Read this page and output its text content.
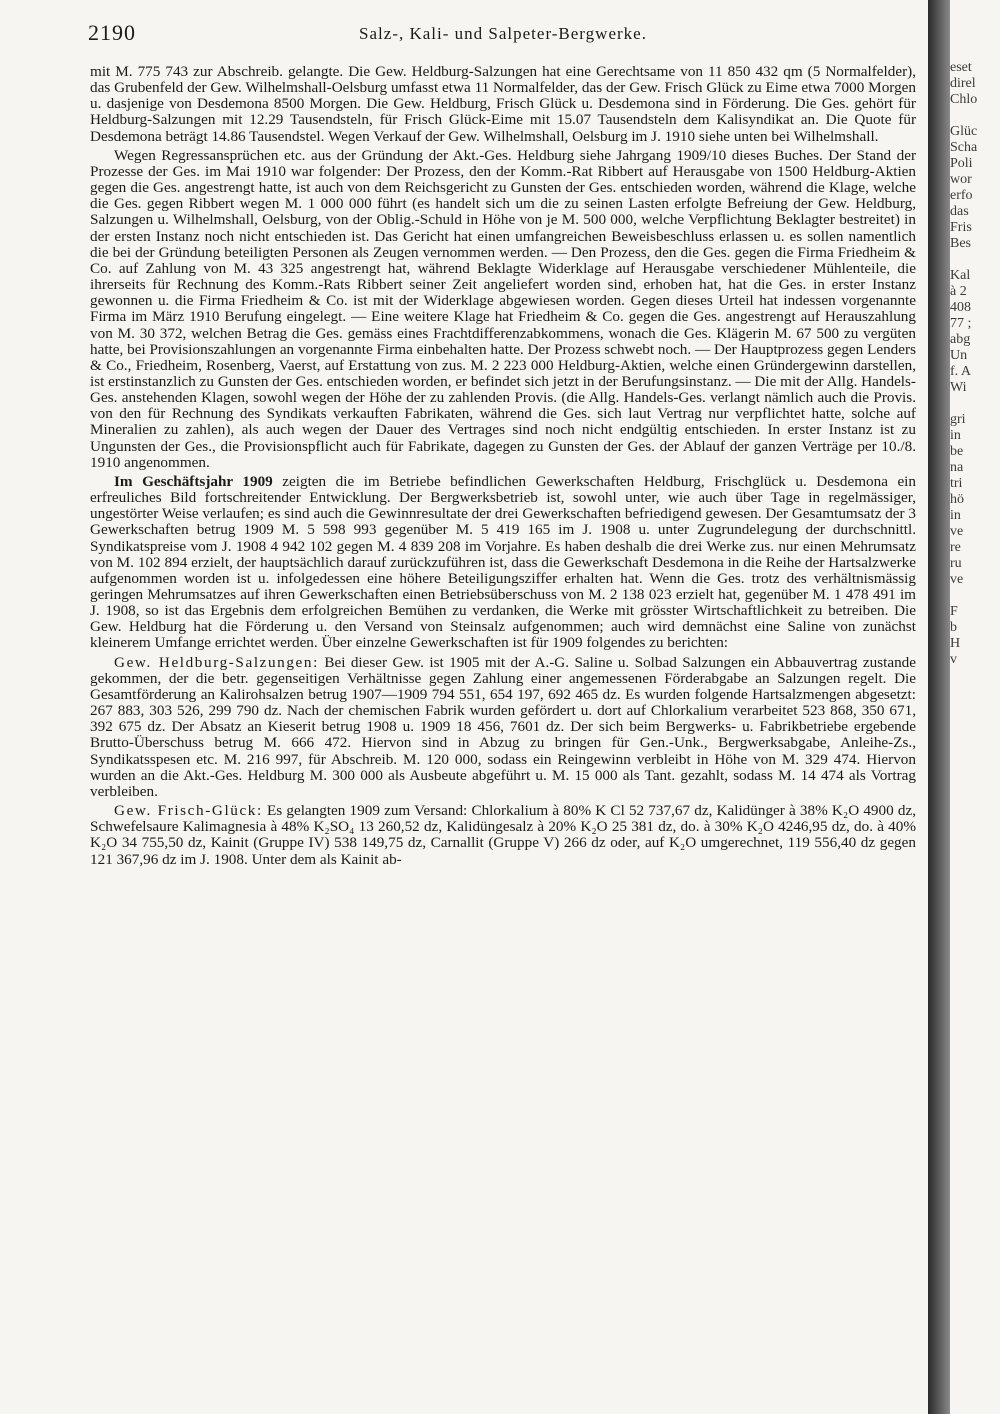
2190	Salz-, Kali- und Salpeter-Bergwerke.

mit M. 775 743 zur Abschreib. gelangte. Die Gew. Heldburg-Salzungen hat eine Gerechtsame von 11 850 432 qm (5 Normalfelder), das Grubenfeld der Gew. Wilhelmshall-Oelsburg umfasst etwa 11 Normalfelder, das der Gew. Frisch Glück zu Eime etwa 7000 Morgen u. dasjenige von Desdemona 8500 Morgen. Die Gew. Heldburg, Frisch Glück u. Desdemona sind in Förderung. Die Ges. gehört für Heldburg-Salzungen mit 12.29 Tausendsteln, für Frisch Glück-Eime mit 15.07 Tausendsteln dem Kalisyndikat an. Die Quote für Desdemona beträgt 14.86 Tausendstel. Wegen Verkauf der Gew. Wilhelmshall, Oelsburg im J. 1910 siehe unten bei Wilhelmshall.

Wegen Regressansprüchen etc. aus der Gründung der Akt.-Ges. Heldburg siehe Jahrgang 1909/10 dieses Buches. Der Stand der Prozesse der Ges. im Mai 1910 war folgender: Der Prozess, den der Komm.-Rat Ribbert auf Herausgabe von 1500 Heldburg-Aktien gegen die Ges. angestrengt hatte, ist auch von dem Reichsgericht zu Gunsten der Ges. entschieden worden, während die Klage, welche die Ges. gegen Ribbert wegen M. 1 000 000 führt (es handelt sich um die zu seinen Lasten erfolgte Befreiung der Gew. Heldburg, Salzungen u. Wilhelmshall, Oelsburg, von der Oblig.-Schuld in Höhe von je M. 500 000, welche Verpflichtung Beklagter bestreitet) in der ersten Instanz noch nicht entschieden ist. Das Gericht hat einen umfangreichen Beweisbeschluss erlassen u. es sollen namentlich die bei der Gründung beteiligten Personen als Zeugen vernommen werden. — Den Prozess, den die Ges. gegen die Firma Friedheim & Co. auf Zahlung von M. 43 325 angestrengt hat, während Beklagte Widerklage auf Herausgabe verschiedener Mühlenteile, die ihrerseits für Rechnung des Komm.-Rats Ribbert seiner Zeit angeliefert worden sind, erhoben hat, hat die Ges. in erster Instanz gewonnen u. die Firma Friedheim & Co. ist mit der Widerklage abgewiesen worden. Gegen dieses Urteil hat indessen vorgenannte Firma im März 1910 Berufung eingelegt. — Eine weitere Klage hat Friedheim & Co. gegen die Ges. angestrengt auf Herauszahlung von M. 30 372, welchen Betrag die Ges. gemäss eines Frachtdifferenzabkommens, wonach die Ges. Klägerin M. 67 500 zu vergüten hatte, bei Provisionszahlungen an vorgenannte Firma einbehalten hatte. Der Prozess schwebt noch. — Der Hauptprozess gegen Lenders & Co., Friedheim, Rosenberg, Vaerst, auf Erstattung von zus. M. 2 223 000 Heldburg-Aktien, welche einen Gründergewinn darstellen, ist erstinstanzlich zu Gunsten der Ges. entschieden worden, er befindet sich jetzt in der Berufungsinstanz. — Die mit der Allg. Handels-Ges. anstehenden Klagen, sowohl wegen der Höhe der zu zahlenden Provis. (die Allg. Handels-Ges. verlangt nämlich auch die Provis. von den für Rechnung des Syndikats verkauften Fabrikaten, während die Ges. sich laut Vertrag nur verpflichtet hatte, solche auf Mineralien zu zahlen), als auch wegen der Dauer des Vertrages sind noch nicht endgültig entschieden. In erster Instanz ist zu Ungunsten der Ges., die Provisionspflicht auch für Fabrikate, dagegen zu Gunsten der Ges. der Ablauf der ganzen Verträge per 10./8. 1910 angenommen.

Im Geschäftsjahr 1909 zeigten die im Betriebe befindlichen Gewerkschaften Heldburg, Frischglück u. Desdemona ein erfreuliches Bild fortschreitender Entwicklung. Der Bergwerksbetrieb ist, sowohl unter, wie auch über Tage in regelmässiger, ungestörter Weise verlaufen; es sind auch die Gewinnresultate der drei Gewerkschaften befriedigend gewesen. Der Gesamtumsatz der 3 Gewerkschaften betrug 1909 M. 5 598 993 gegenüber M. 5 419 165 im J. 1908 u. unter Zugrundelegung der durchschnittl. Syndikatspreise vom J. 1908 4 942 102 gegen M. 4 839 208 im Vorjahre. Es haben deshalb die drei Werke zus. nur einen Mehrumsatz von M. 102 894 erzielt, der hauptsächlich darauf zurückzuführen ist, dass die Gewerkschaft Desdemona in die Reihe der Hartsalzwerke aufgenommen worden ist u. infolgedessen eine höhere Beteiligungsziffer erhalten hat. Wenn die Ges. trotz des verhältnismässig geringen Mehrumsatzes auf ihren Gewerkschaften einen Betriebsüberschuss von M. 2 138 023 erzielt hat, gegenüber M. 1 478 491 im J. 1908, so ist das Ergebnis dem erfolgreichen Bemühen zu verdanken, die Werke mit grösster Wirtschaftlichkeit zu betreiben. Die Gew. Heldburg hat die Förderung u. den Versand von Steinsalz aufgenommen; auch wird demnächst eine Saline von zunächst kleinerem Umfange errichtet werden. Über einzelne Gewerkschaften ist für 1909 folgendes zu berichten:

Gew. Heldburg-Salzungen: Bei dieser Gew. ist 1905 mit der A.-G. Saline u. Solbad Salzungen ein Abbauvertrag zustande gekommen, der die betr. gegenseitigen Verhältnisse gegen Zahlung einer angemessenen Förderabgabe an Salzungen regelt. Die Gesamtförderung an Kalirohsalzen betrug 1907—1909 794 551, 654 197, 692 465 dz. Es wurden folgende Hartsalzmengen abgesetzt: 267 883, 303 526, 299 790 dz. Nach der chemischen Fabrik wurden gefördert u. dort auf Chlorkalium verarbeitet 523 868, 350 671, 392 675 dz. Der Absatz an Kieserit betrug 1908 u. 1909 18 456, 7601 dz. Der sich beim Bergwerks- u. Fabrikbetriebe ergebende Brutto-Überschuss betrug M. 666 472. Hiervon sind in Abzug zu bringen für Gen.-Unk., Bergwerksabgabe, Anleihe-Zs., Syndikatsspesen etc. M. 216 997, für Abschreib. M. 120 000, sodass ein Reingewinn verbleibt in Höhe von M. 329 474. Hiervon wurden an die Akt.-Ges. Heldburg M. 300 000 als Ausbeute abgeführt u. M. 15 000 als Tant. gezahlt, sodass M. 14 474 als Vortrag verbleiben.

Gew. Frisch-Glück: Es gelangten 1909 zum Versand: Chlorkalium à 80% K Cl 52 737,67 dz, Kalidünger à 38% K₂O 4900 dz, Schwefelsaure Kalimagnesia à 48% K₂SO₄ 13 260,52 dz, Kalidüngesalz à 20% K₂O 25 381 dz, do. à 30% K₂O 4246,95 dz, do. à 40% K₂O 34 755,50 dz, Kainit (Gruppe IV) 538 149,75 dz, Carnallit (Gruppe V) 266 dz oder, auf K₂O umgerechnet, 119 556,40 dz gegen 121 367,96 dz im J. 1908. Unter dem als Kainit ab-

eset
direl
Chlo

Glüc
Scha
Poli
wor
erfo
das
Fris
Bes

Kal
à 2
408
77 ;
abg
Un
f. A
Wi

gri
in
be
na
tri
hö
in
ve
re
ru
ve

F
b
H
v
